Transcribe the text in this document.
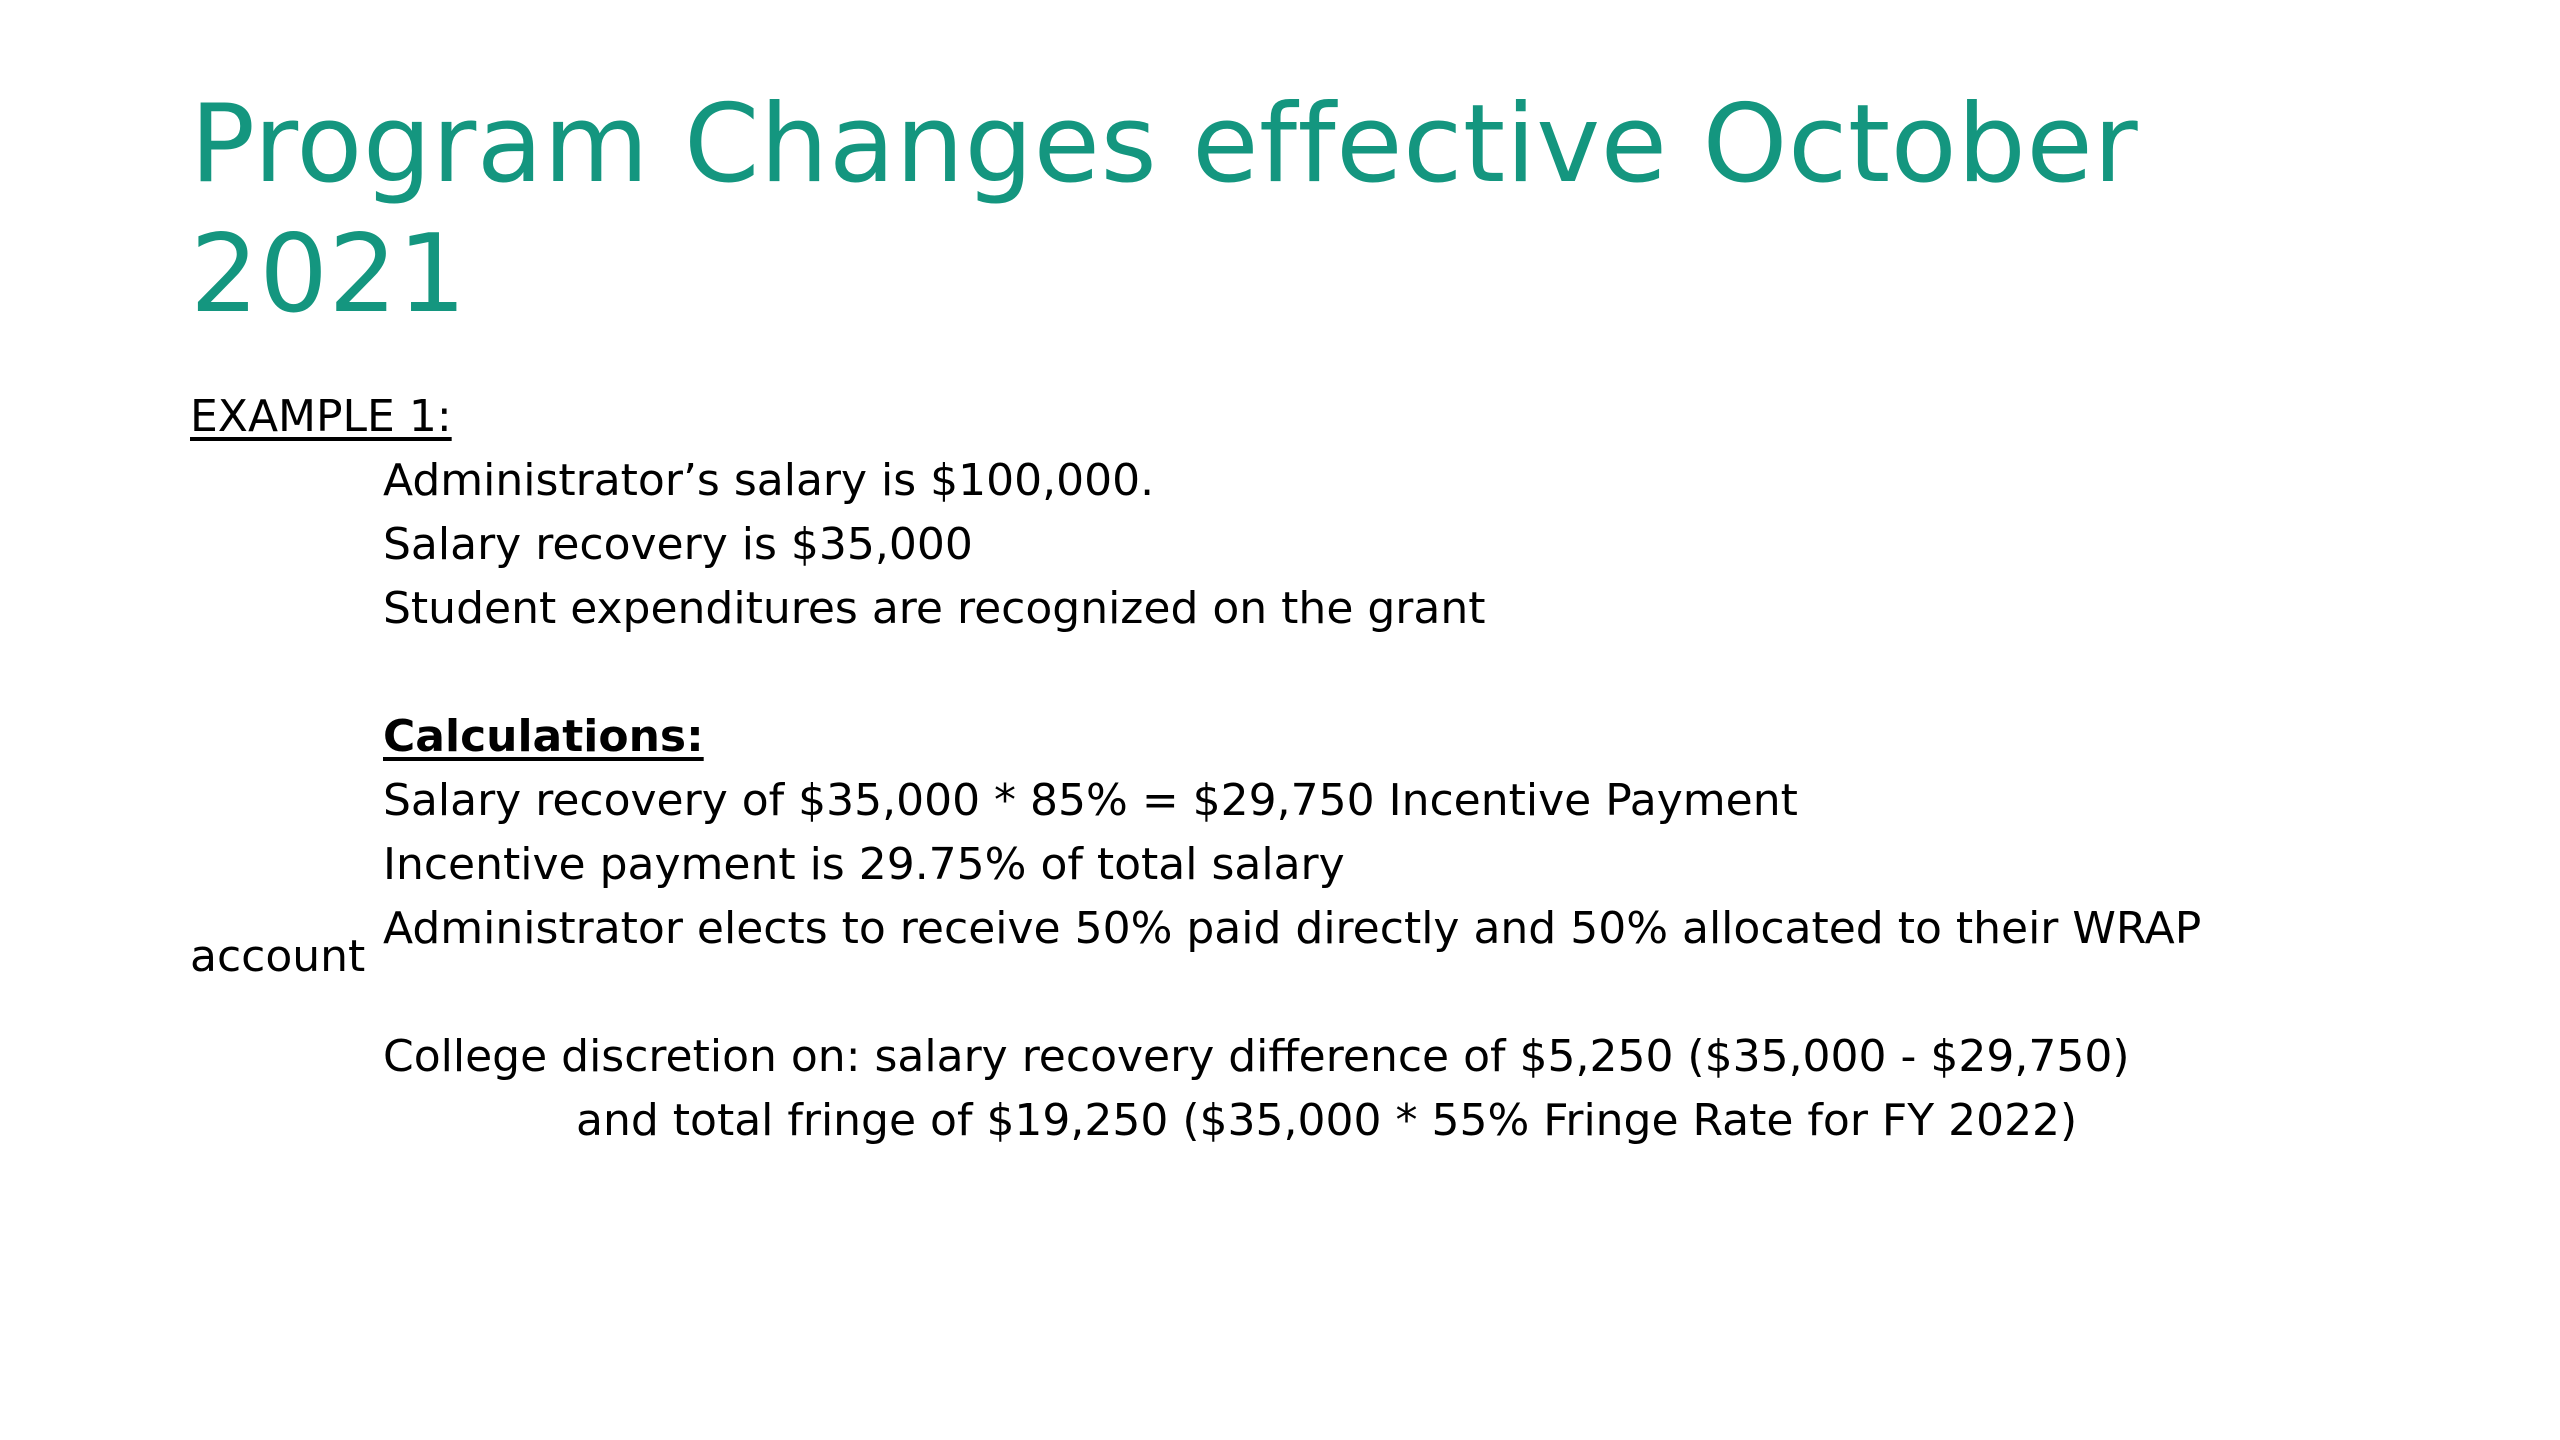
Program Changes effective October 2021
EXAMPLE 1:
Administrator’s salary is $100,000.
Salary recovery is $35,000
Student expenditures are recognized on the grant
Calculations:
Salary recovery of $35,000 * 85% = $29,750 Incentive Payment
Incentive payment is 29.75% of total salary
Administrator elects to receive 50% paid directly and 50% allocated to their WRAP
account
College discretion on: salary recovery difference of $5,250 ($35,000 - $29,750)
and total fringe of $19,250 ($35,000 * 55% Fringe Rate for FY 2022)
